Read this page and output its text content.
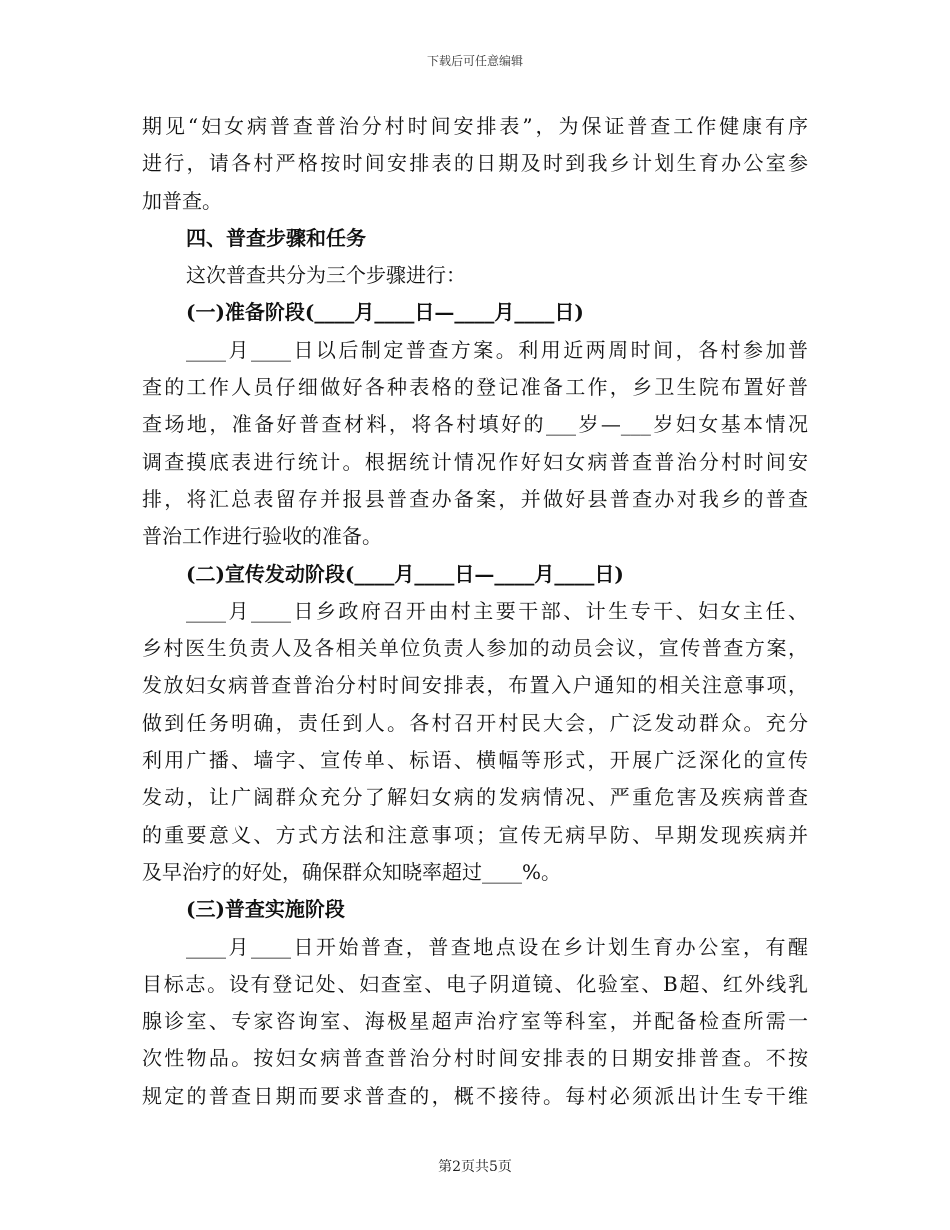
下载后可任意编辑
期见“妇女病普查普治分村时间安排表”，为保证普查工作健康有序
进行，请各村严格按时间安排表的日期及时到我乡计划生育办公室参
加普查。
四、普查步骤和任务
这次普查共分为三个步骤进行：
(一)准备阶段(____月____日—____月____日)
____月____日以后制定普查方案。利用近两周时间，各村参加普
查的工作人员仔细做好各种表格的登记准备工作，乡卫生院布置好普
查场地，准备好普查材料，将各村填好的___岁—___岁妇女基本情况
调查摸底表进行统计。根据统计情况作好妇女病普查普治分村时间安
排，将汇总表留存并报县普查办备案，并做好县普查办对我乡的普查
普治工作进行验收的准备。
(二)宣传发动阶段(____月____日—____月____日)
____月____日乡政府召开由村主要干部、计生专干、妇女主任、
乡村医生负责人及各相关单位负责人参加的动员会议，宣传普查方案，
发放妇女病普查普治分村时间安排表，布置入户通知的相关注意事项，
做到任务明确，责任到人。各村召开村民大会，广泛发动群众。充分
利用广播、墙字、宣传单、标语、横幅等形式，开展广泛深化的宣传
发动，让广阔群众充分了解妇女病的发病情况、严重危害及疾病普查
的重要意义、方式方法和注意事项；宣传无病早防、早期发现疾病并
及早治疗的好处，确保群众知晓率超过____%。
(三)普查实施阶段
____月____日开始普查，普查地点设在乡计划生育办公室，有醒
目标志。设有登记处、妇查室、电子阴道镜、化验室、B超、红外线乳
腺诊室、专家咨询室、海极星超声治疗室等科室，并配备检查所需一
次性物品。按妇女病普查普治分村时间安排表的日期安排普查。不按
规定的普查日期而要求普查的，概不接待。每村必须派出计生专干维
第2页共5页
